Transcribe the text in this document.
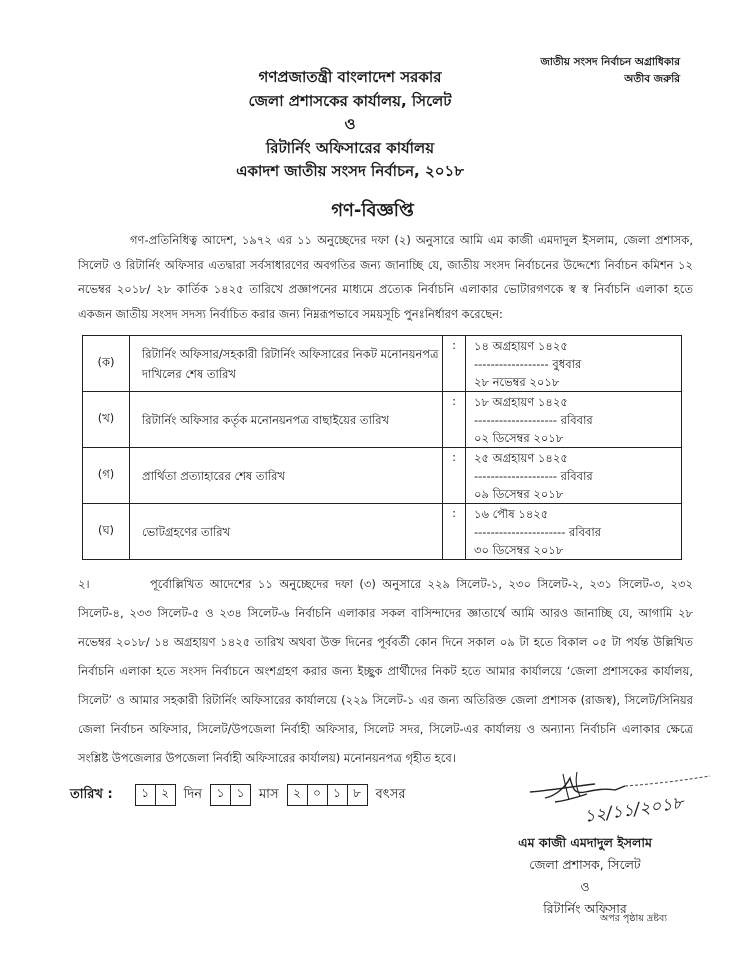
জাতীয় সংসদ নির্বাচন অগ্রাধিকার
অতীব জরুরি
গণপ্রজাতন্ত্রী বাংলাদেশ সরকার
জেলা প্রশাসকের কার্যালয়, সিলেট
ও
রিটার্নিং অফিসারের কার্যালয়
একাদশ জাতীয় সংসদ নির্বাচন, ২০১৮
গণ-বিজ্ঞপ্তি
গণ-প্রতিনিধিত্ব আদেশ, ১৯৭২ এর ১১ অনুচ্ছেদের দফা (২) অনুসারে আমি এম কাজী এমদাদুল ইসলাম, জেলা প্রশাসক, সিলেট ও রিটার্নিং অফিসার এতদ্বারা সর্বসাধারণের অবগতির জন্য জানাচ্ছি যে, জাতীয় সংসদ নির্বাচনের উদ্দেশ্যে নির্বাচন কমিশন ১২ নভেম্বর ২০১৮/ ২৮ কার্তিক ১৪২৫ তারিখে প্রজ্ঞাপনের মাধ্যমে প্রত্যেক নির্বাচনি এলাকার ভোটারগণকে স্ব স্ব নির্বাচনি এলাকা হতে একজন জাতীয় সংসদ সদস্য নির্বাচিত করার জন্য নিম্নরূপভাবে সময়সূচি পুনঃনির্ধারণ করেছেন:
(ক)	রিটার্নিং অফিসার/সহকারী রিটার্নিং অফিসারের নিকট মনোনয়নপত্র দাখিলের শেষ তারিখ	:	১৪ অগ্রহায়ণ ১৪২৫
------------------ বুধবার
২৮ নভেম্বর ২০১৮

(খ)	রিটার্নিং অফিসার কর্তৃক মনোনয়নপত্র বাছাইয়ের তারিখ	:	১৮ অগ্রহায়ণ ১৪২৫
-------------------- রবিবার
০২ ডিসেম্বর ২০১৮

(গ)	প্রার্থিতা প্রত্যাহারের শেষ তারিখ	:	২৫ অগ্রহায়ণ ১৪২৫
-------------------- রবিবার
০৯ ডিসেম্বর ২০১৮

(ঘ)	ভোটগ্রহণের তারিখ	:	১৬ পৌষ ১৪২৫
---------------------- রবিবার
৩০ ডিসেম্বর ২০১৮
২।	পূর্বোল্লিখিত আদেশের ১১ অনুচ্ছেদের দফা (৩) অনুসারে ২২৯ সিলেট-১, ২৩০ সিলেট-২, ২৩১ সিলেট-৩, ২৩২ সিলেট-৪, ২৩৩ সিলেট-৫ ও ২৩৪ সিলেট-৬ নির্বাচনি এলাকার সকল বাসিন্দাদের জ্ঞাতার্থে আমি আরও জানাচ্ছি যে, আগামি ২৮ নভেম্বর ২০১৮/ ১৪ অগ্রহায়ণ ১৪২৫ তারিখ অথবা উক্ত দিনের পূর্ববর্তী কোন দিনে সকাল ০৯ টা হতে বিকাল ০৫ টা পর্যন্ত উল্লিখিত নির্বাচনি এলাকা হতে সংসদ নির্বাচনে অংশগ্রহণ করার জন্য ইচ্ছুক প্রার্থীদের নিকট হতে আমার কার্যালয়ে ‘জেলা প্রশাসকের কার্যালয়, সিলেট’ ও আমার সহকারী রিটার্নিং অফিসারের কার্যালয়ে (২২৯ সিলেট-১ এর জন্য অতিরিক্ত জেলা প্রশাসক (রাজস্ব), সিলেট/সিনিয়র জেলা নির্বাচন অফিসার, সিলেট/উপজেলা নির্বাহী অফিসার, সিলেট সদর, সিলেট-এর কার্যালয় ও অন্যান্য নির্বাচনি এলাকার ক্ষেত্রে সংশ্লিষ্ট উপজেলার উপজেলা নির্বাহী অফিসারের কার্যালয়) মনোনয়নপত্র গৃহীত হবে।
তারিখ :	১	২	দিন	১	১	মাস	২	০	১	৮	বৎসর	১২/১১/২০১৮
এম কাজী এমদাদুল ইসলাম
জেলা প্রশাসক, সিলেট
ও
রিটার্নিং অফিসার
অপর পৃষ্ঠায় দ্রষ্টব্য
